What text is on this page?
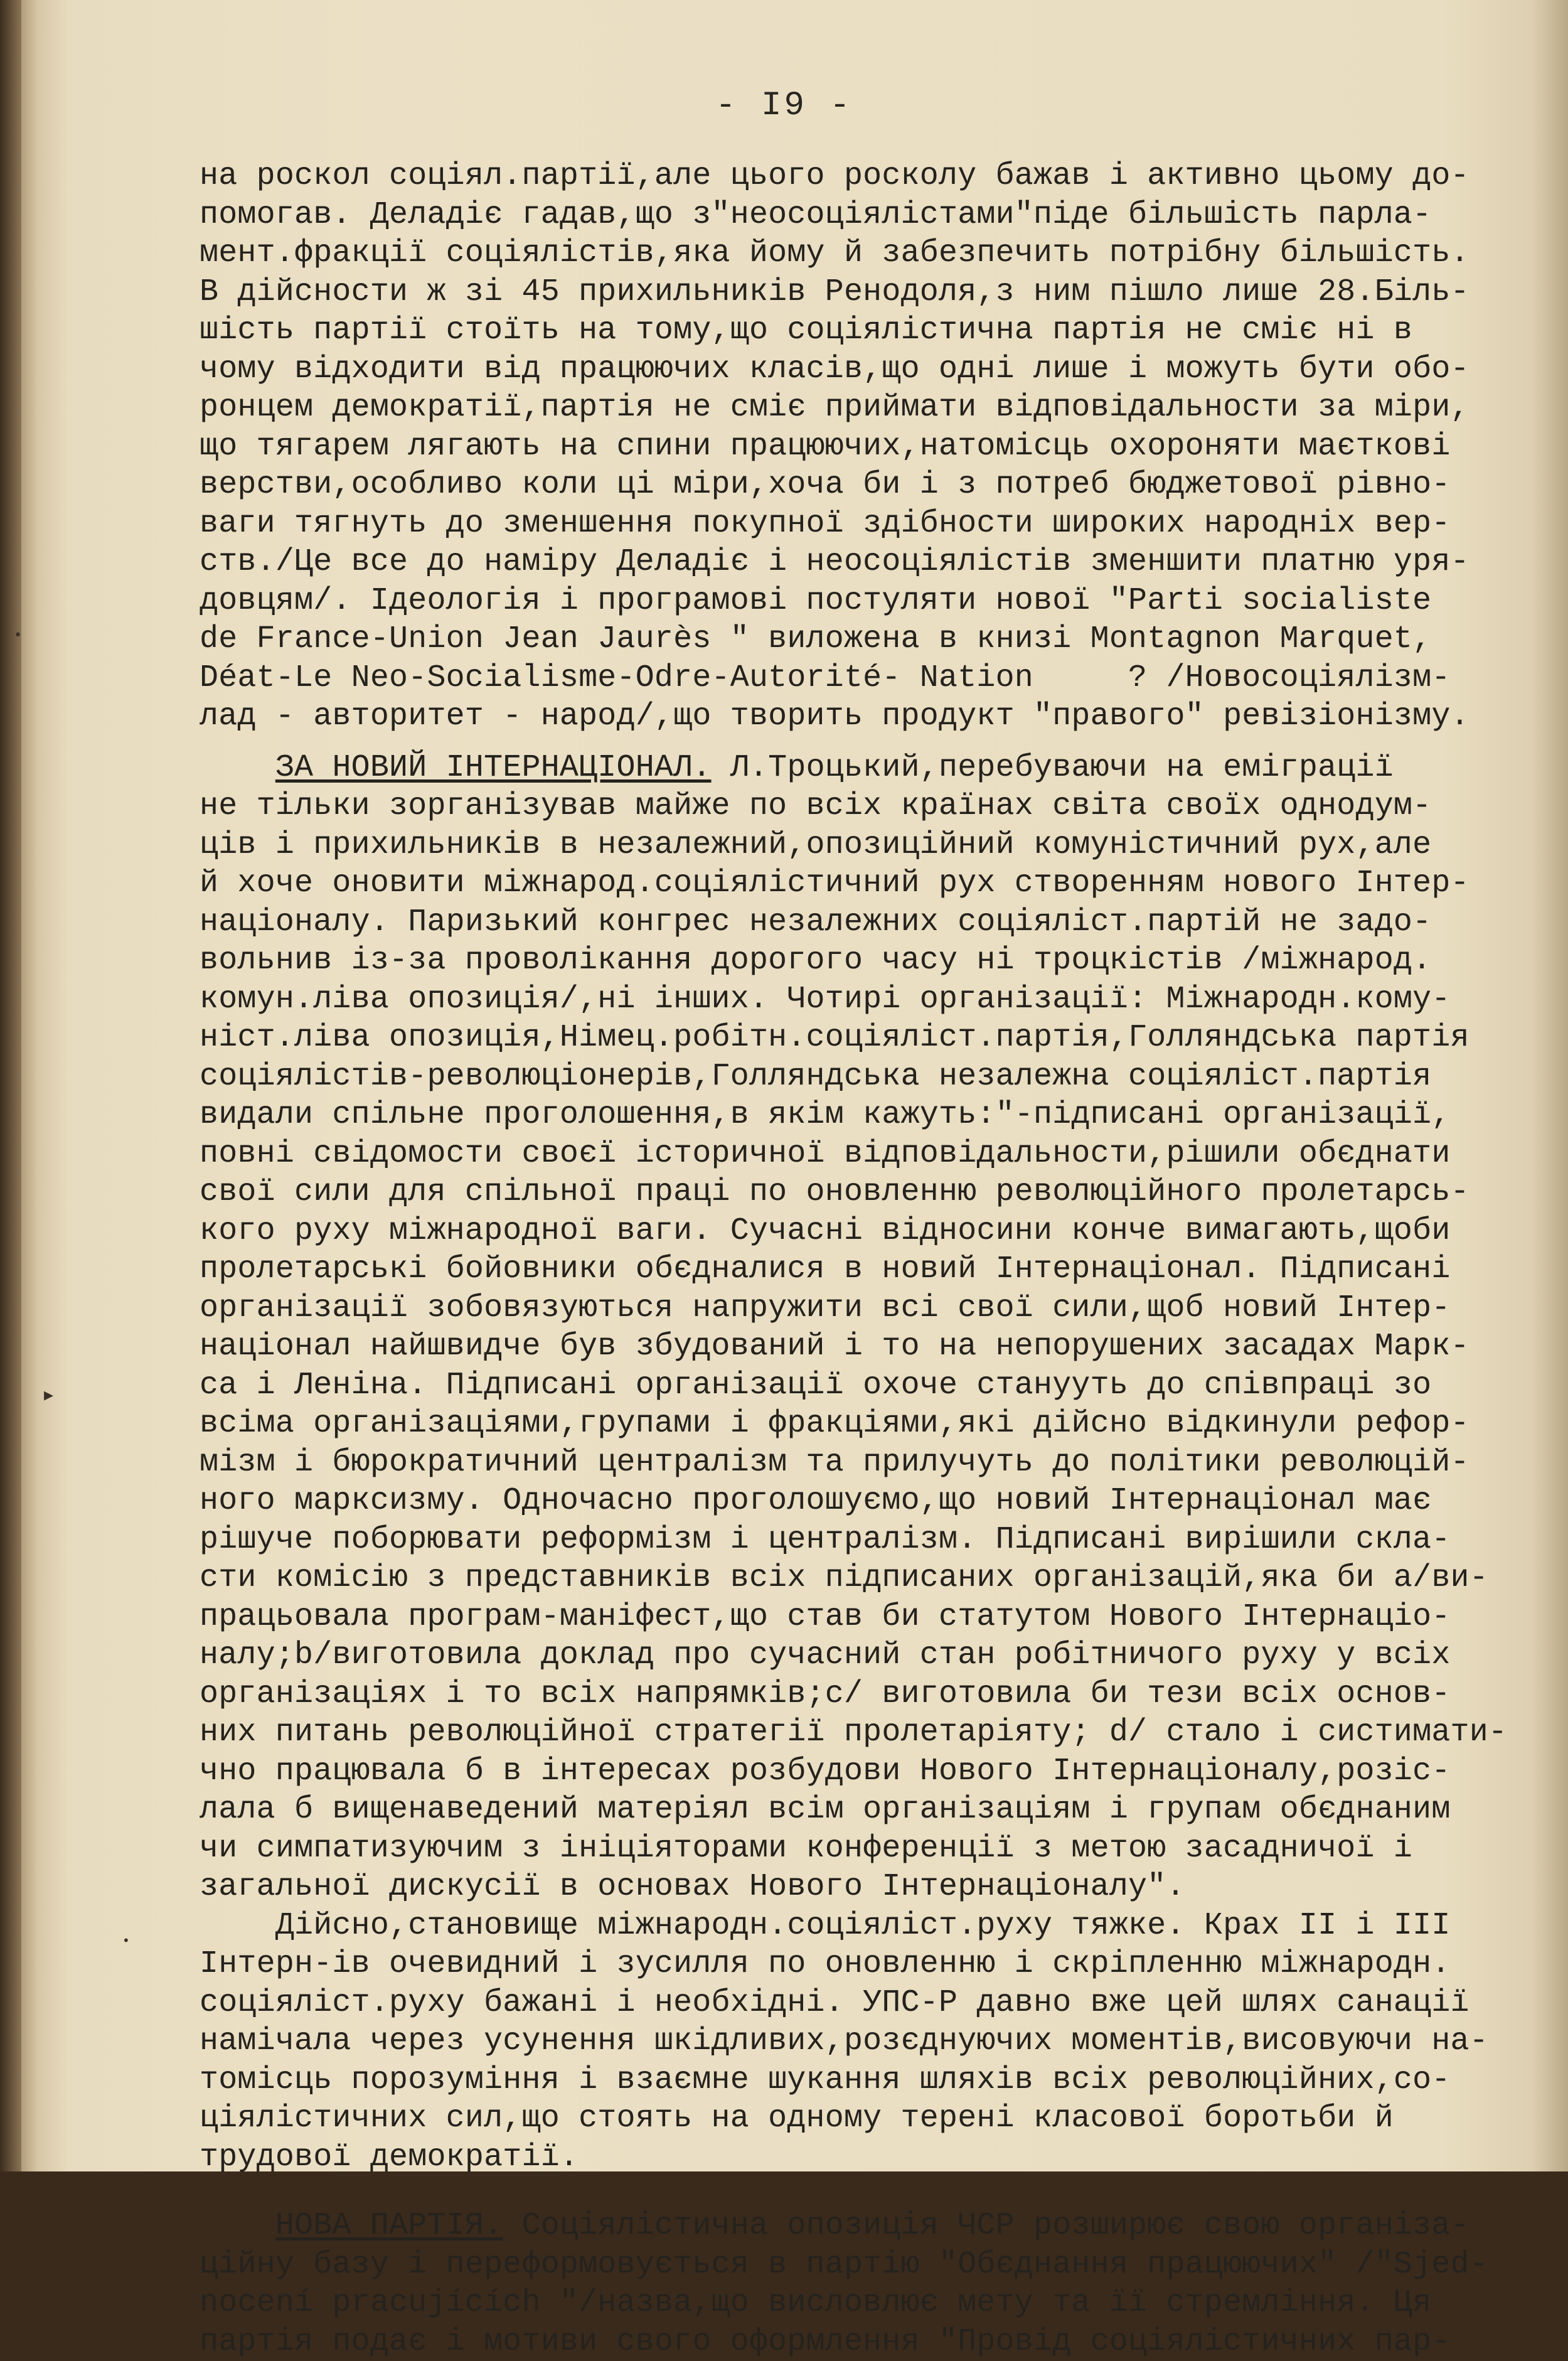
•
▸
•
- I9 -
на роскол соціял.партії,але цього росколу бажав і активно цьому до-
помогав. Деладіє гадав,що з"неосоціялістами"піде більшість парла-
мент.фракції соціялістів,яка йому й забезпечить потрібну більшість.
В дійсности ж зі 45 прихильників Ренодоля,з ним пішло лише 28.Біль-
шість партії стоїть на тому,що соціялістична партія не сміє ні в
чому відходити від працюючих класів,що одні лише і можуть бути обо-
ронцем демократії,партія не сміє приймати відповідальности за міри,
що тягарем лягають на спини працюючих,натомісць охороняти маєткові
верстви,особливо коли ці міри,хоча би і з потреб бюджетової рівно-
ваги тягнуть до зменшення покупної здібности широких народніх вер-
ств./Це все до наміру Деладіє і неосоціялістів зменшити платню уря-
довцям/. Ідеологія і програмові постуляти нової "Parti socialiste
de France-Union Jean Jaurès " виложена в книзі Montagnon Marquet,
Déat-Le Neo-Socialisme-Odre-Autorité- Nation     ? /Новосоціялізм-
лад - авторитет - народ/,що творить продукт "правого" ревізіонізму.
ЗА НОВИЙ ІНТЕРНАЦІОНАЛ. Л.Троцький,перебуваючи на еміграції
не тільки зорганізував майже по всіх країнах світа своїх однодум-
ців і прихильників в незалежний,опозиційний комуністичний рух,але
й хоче оновити міжнарод.соціялістичний рух створенням нового Інтер-
націоналу. Паризький конгрес незалежних соціяліст.партій не задо-
вольнив із-за проволікання дорогого часу ні троцкістів /міжнарод.
комун.ліва опозиція/,ні інших. Чотирі організації: Міжнародн.кому-
ніст.ліва опозиція,Німец.робітн.соціяліст.партія,Голляндська партія
соціялістів-революціонерів,Голляндська незалежна соціяліст.партія
видали спільне проголошення,в якім кажуть:"-підписані організації,
повні свідомости своєї історичної відповідальности,рішили обєднати
свої сили для спільної праці по оновленню революційного пролетарсь-
кого руху міжнародної ваги. Сучасні відносини конче вимагають,щоби
пролетарські бойовники обєдналися в новий Інтернаціонал. Підписані
організації зобовязуються напружити всі свої сили,щоб новий Інтер-
націонал найшвидче був збудований і то на непорушених засадах Марк-
са і Леніна. Підписані організації охоче станууть до співпраці зо
всіма організаціями,групами і фракціями,які дійсно відкинули рефор-
мізм і бюрократичний централізм та прилучуть до політики революцій-
ного марксизму. Одночасно проголошуємо,що новий Інтернаціонал має
рішуче поборювати реформізм і централізм. Підписані вирішили скла-
сти комісію з представників всіх підписаних організацій,яка би а/ви-
працьовала програм-маніфест,що став би статутом Нового Інтернаціо-
налу;b/виготовила доклад про сучасний стан робітничого руху у всіх
організаціях і то всіх напрямків;c/ виготовила би тези всіх основ-
них питань революційної стратегії пролетаріяту; d/ стало і систимати-
чно працювала б в інтересах розбудови Нового Інтернаціоналу,розіс-
лала б вищенаведений матеріял всім організаціям і групам обєднаним
чи симпатизуючим з ініціяторами конференції з метою засадничої і
загальної дискусії в основах Нового Інтернаціоналу".
Дійсно,становище міжнародн.соціяліст.руху тяжке. Крах II і III
Інтерн-ів очевидний і зусилля по оновленню і скріпленню міжнародн.
соціяліст.руху бажані і необхідні. УПС-Р давно вже цей шлях санації
намічала через усунення шкідливих,розєднуючих моментів,висовуючи на-
томісць порозуміння і взаємне шукання шляхів всіх революційних,со-
ціялістичних сил,що стоять на одному терені класової боротьби й
трудової демократії.
НОВА ПАРТІЯ. Соціялістична опозиція ЧСР розширює свою організа-
ційну базу і переформовується в партію "Обєднання працюючих" /"Sjed-
nocení pracujících "/назва,що висловлює мету та її стремління. Ця
партія подає і мотиви свого оформлення "Провід соціялістичних пар-
